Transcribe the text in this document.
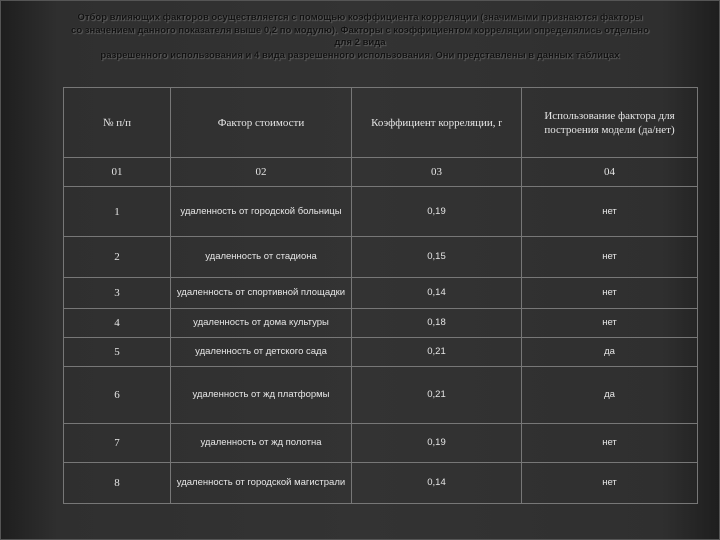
Отбор влияющих факторов осуществляется с помощью коэффициента корреляции (значимыми признаются факторы
со значением данного показателя выше 0,2 по модулю). Факторы с коэффициентом корреляции определялись отдельно
для 2 вида
разрешенного использования и 4 вида разрешенного использования. Они представлены в данных таблицах
№ п/п	Фактор стоимости	Коэффициент корреляции, r	Использование фактора для построения модели (да/нет)
01	02	03	04
1	удаленность от городской больницы	0,19	нет
2	удаленность от стадиона	0,15	нет
3	удаленность от спортивной площадки	0,14	нет
4	удаленность от дома культуры	0,18	нет
5	удаленность от детского сада	0,21	да
6	удаленность от жд платформы	0,21	да
7	удаленность от жд полотна	0,19	нет
8	удаленность от городской магистрали	0,14	нет
